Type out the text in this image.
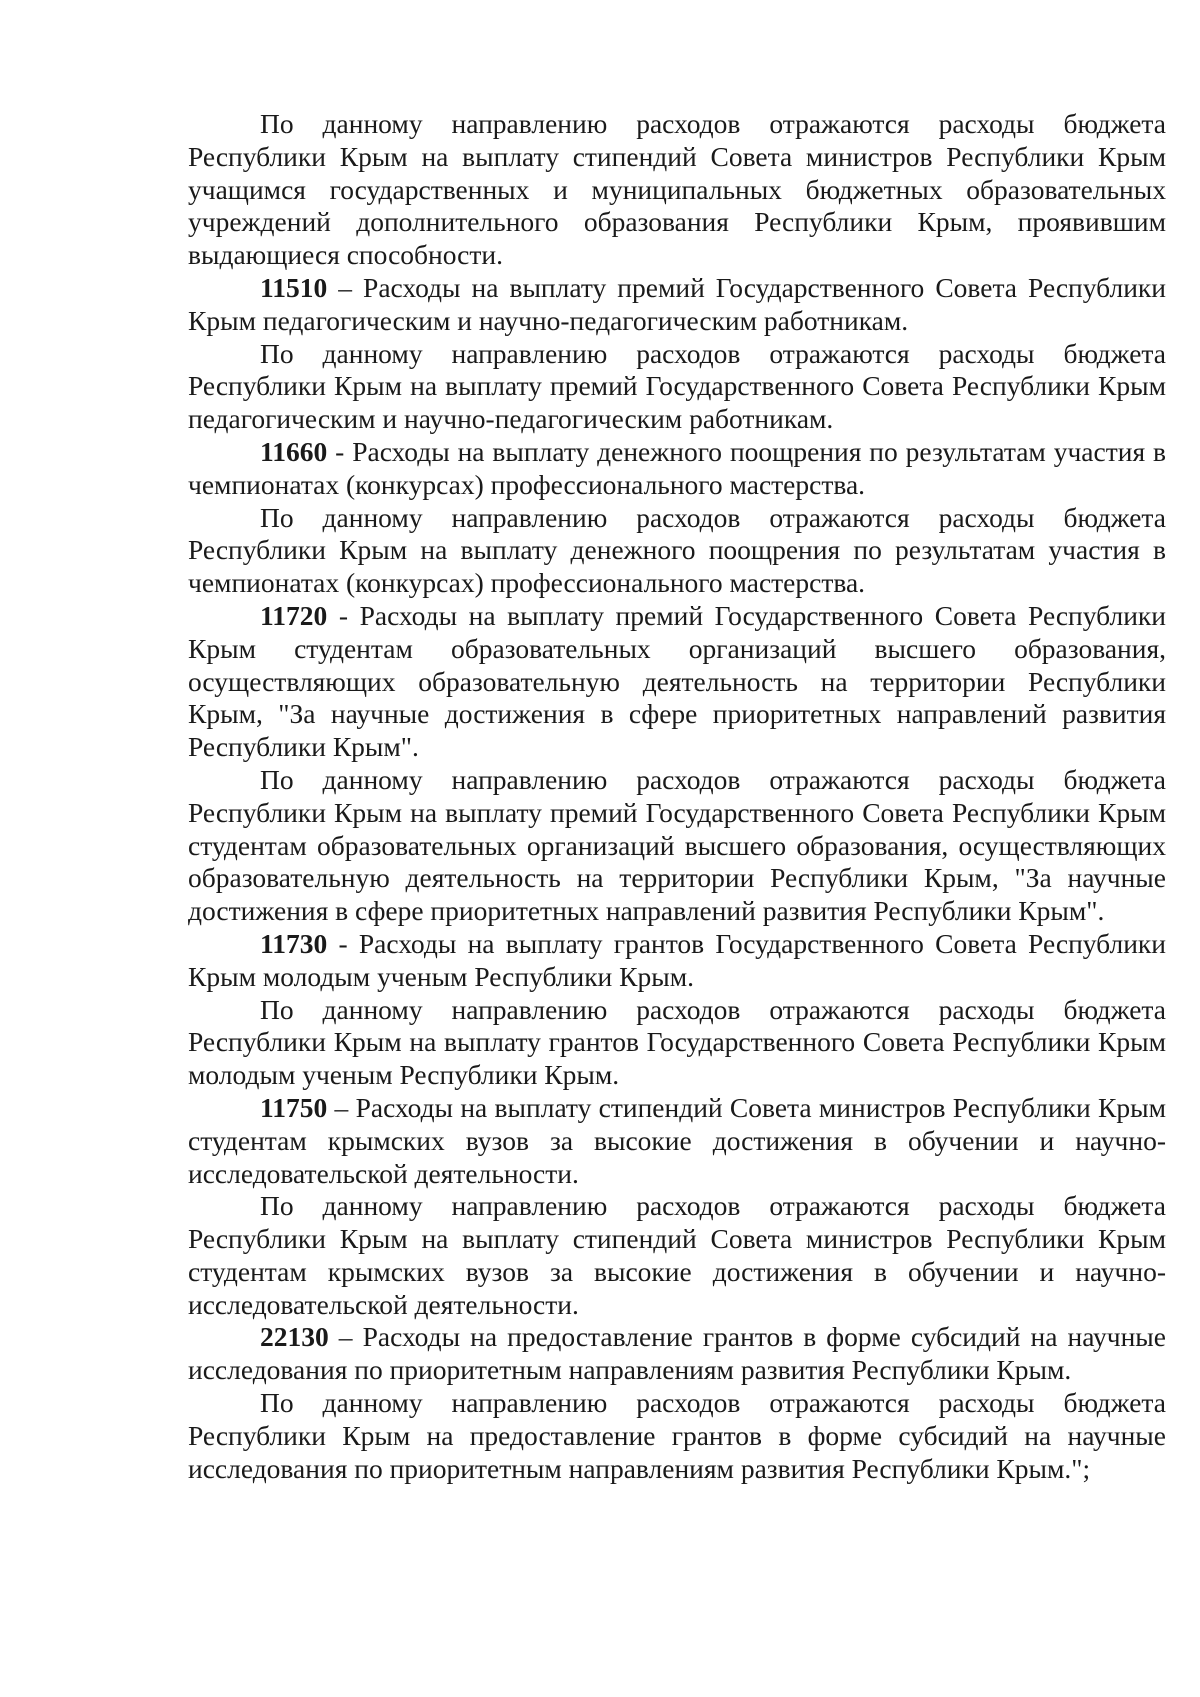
По данному направлению расходов отражаются расходы бюджета Республики Крым на выплату стипендий Совета министров Республики Крым учащимся государственных и муниципальных бюджетных образовательных учреждений дополнительного образования Республики Крым, проявившим выдающиеся способности.

11510 – Расходы на выплату премий Государственного Совета Республики Крым педагогическим и научно-педагогическим работникам.

По данному направлению расходов отражаются расходы бюджета Республики Крым на выплату премий Государственного Совета Республики Крым педагогическим и научно-педагогическим работникам.

11660 - Расходы на выплату денежного поощрения по результатам участия в чемпионатах (конкурсах) профессионального мастерства.

По данному направлению расходов отражаются расходы бюджета Республики Крым на выплату денежного поощрения по результатам участия в чемпионатах (конкурсах) профессионального мастерства.

11720 - Расходы на выплату премий Государственного Совета Республики Крым студентам образовательных организаций высшего образования, осуществляющих образовательную деятельность на территории Республики Крым, "За научные достижения в сфере приоритетных направлений развития Республики Крым".

По данному направлению расходов отражаются расходы бюджета Республики Крым на выплату премий Государственного Совета Республики Крым студентам образовательных организаций высшего образования, осуществляющих образовательную деятельность на территории Республики Крым, "За научные достижения в сфере приоритетных направлений развития Республики Крым".

11730 - Расходы на выплату грантов Государственного Совета Республики Крым молодым ученым Республики Крым.

По данному направлению расходов отражаются расходы бюджета Республики Крым на выплату грантов Государственного Совета Республики Крым молодым ученым Республики Крым.

11750 – Расходы на выплату стипендий Совета министров Республики Крым студентам крымских вузов за высокие достижения в обучении и научно-исследовательской деятельности.

По данному направлению расходов отражаются расходы бюджета Республики Крым на выплату стипендий Совета министров Республики Крым студентам крымских вузов за высокие достижения в обучении и научно-исследовательской деятельности.

22130 – Расходы на предоставление грантов в форме субсидий на научные исследования по приоритетным направлениям развития Республики Крым.

По данному направлению расходов отражаются расходы бюджета Республики Крым на предоставление грантов в форме субсидий на научные исследования по приоритетным направлениям развития Республики Крым.";
